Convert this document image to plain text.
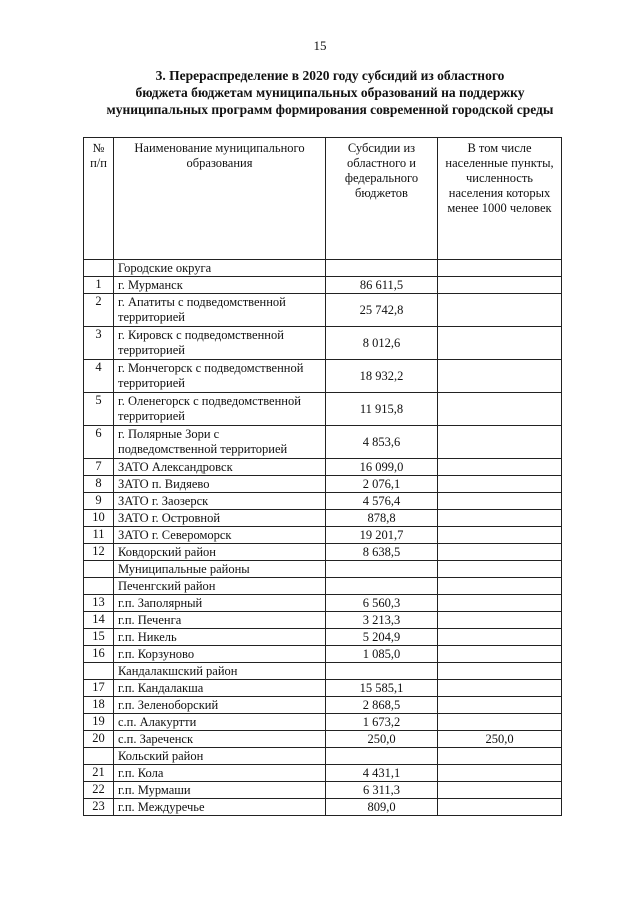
15
3. Перераспределение в 2020 году субсидий из областного
бюджета бюджетам муниципальных образований на поддержку
муниципальных программ формирования современной городской среды
№ п/п	Наименование муниципального образования	Субсидии из областного и федерального бюджетов	В том числе населенные пункты, численность населения которых менее 1000 человек
	Городские округа		
1	г. Мурманск	86 611,5	
2	г. Апатиты с подведомственной территорией	25 742,8	
3	г. Кировск с подведомственной территорией	8 012,6	
4	г. Мончегорск с подведомственной территорией	18 932,2	
5	г. Оленегорск с подведомственной территорией	11 915,8	
6	г. Полярные Зори с подведомственной территорией	4 853,6	
7	ЗАТО Александровск	16 099,0	
8	ЗАТО п. Видяево	2 076,1	
9	ЗАТО г. Заозерск	4 576,4	
10	ЗАТО г. Островной	878,8	
11	ЗАТО г. Североморск	19 201,7	
12	Ковдорский район	8 638,5	
	Муниципальные районы		
	Печенгский район		
13	г.п. Заполярный	6 560,3	
14	г.п. Печенга	3 213,3	
15	г.п. Никель	5 204,9	
16	г.п. Корзуново	1 085,0	
	Кандалакшский район		
17	г.п. Кандалакша	15 585,1	
18	г.п. Зеленоборский	2 868,5	
19	с.п. Алакуртти	1 673,2	
20	с.п. Зареченск	250,0	250,0
	Кольский район		
21	г.п. Кола	4 431,1	
22	г.п. Мурмаши	6 311,3	
23	г.п. Междуречье	809,0	
